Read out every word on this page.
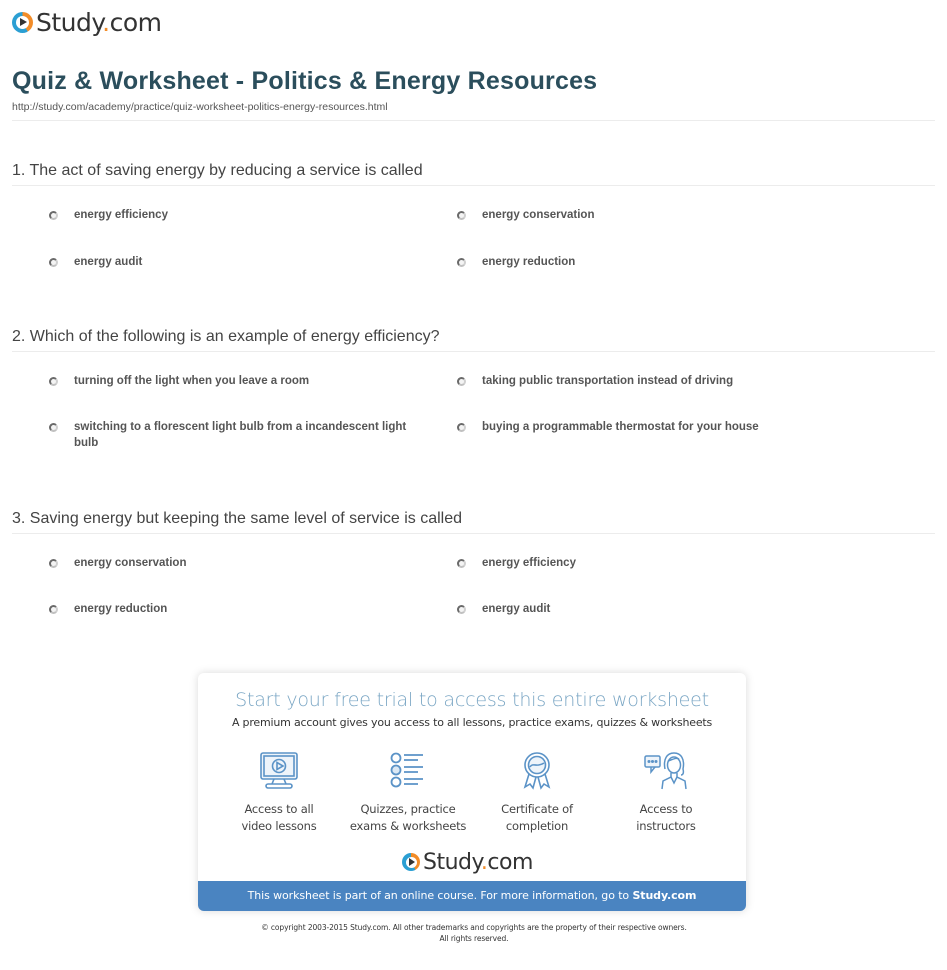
Study.com
Quiz & Worksheet - Politics & Energy Resources
http://study.com/academy/practice/quiz-worksheet-politics-energy-resources.html
1. The act of saving energy by reducing a service is called
energy efficiency	energy conservation
energy audit	energy reduction
2. Which of the following is an example of energy efficiency?
turning off the light when you leave a room	taking public transportation instead of driving
switching to a florescent light bulb from a incandescent light bulb
buying a programmable thermostat for your house
3. Saving energy but keeping the same level of service is called
energy conservation	energy efficiency
energy reduction	energy audit
Start your free trial to access this entire worksheet
A premium account gives you access to all lessons, practice exams, quizzes & worksheets
Access to all
video lessons
Quizzes, practice
exams & worksheets
Certificate of
completion
Access to
instructors
Study.com
This worksheet is part of an online course. For more information, go to Study.com
© copyright 2003-2015 Study.com. All other trademarks and copyrights are the property of their respective owners.
All rights reserved.
